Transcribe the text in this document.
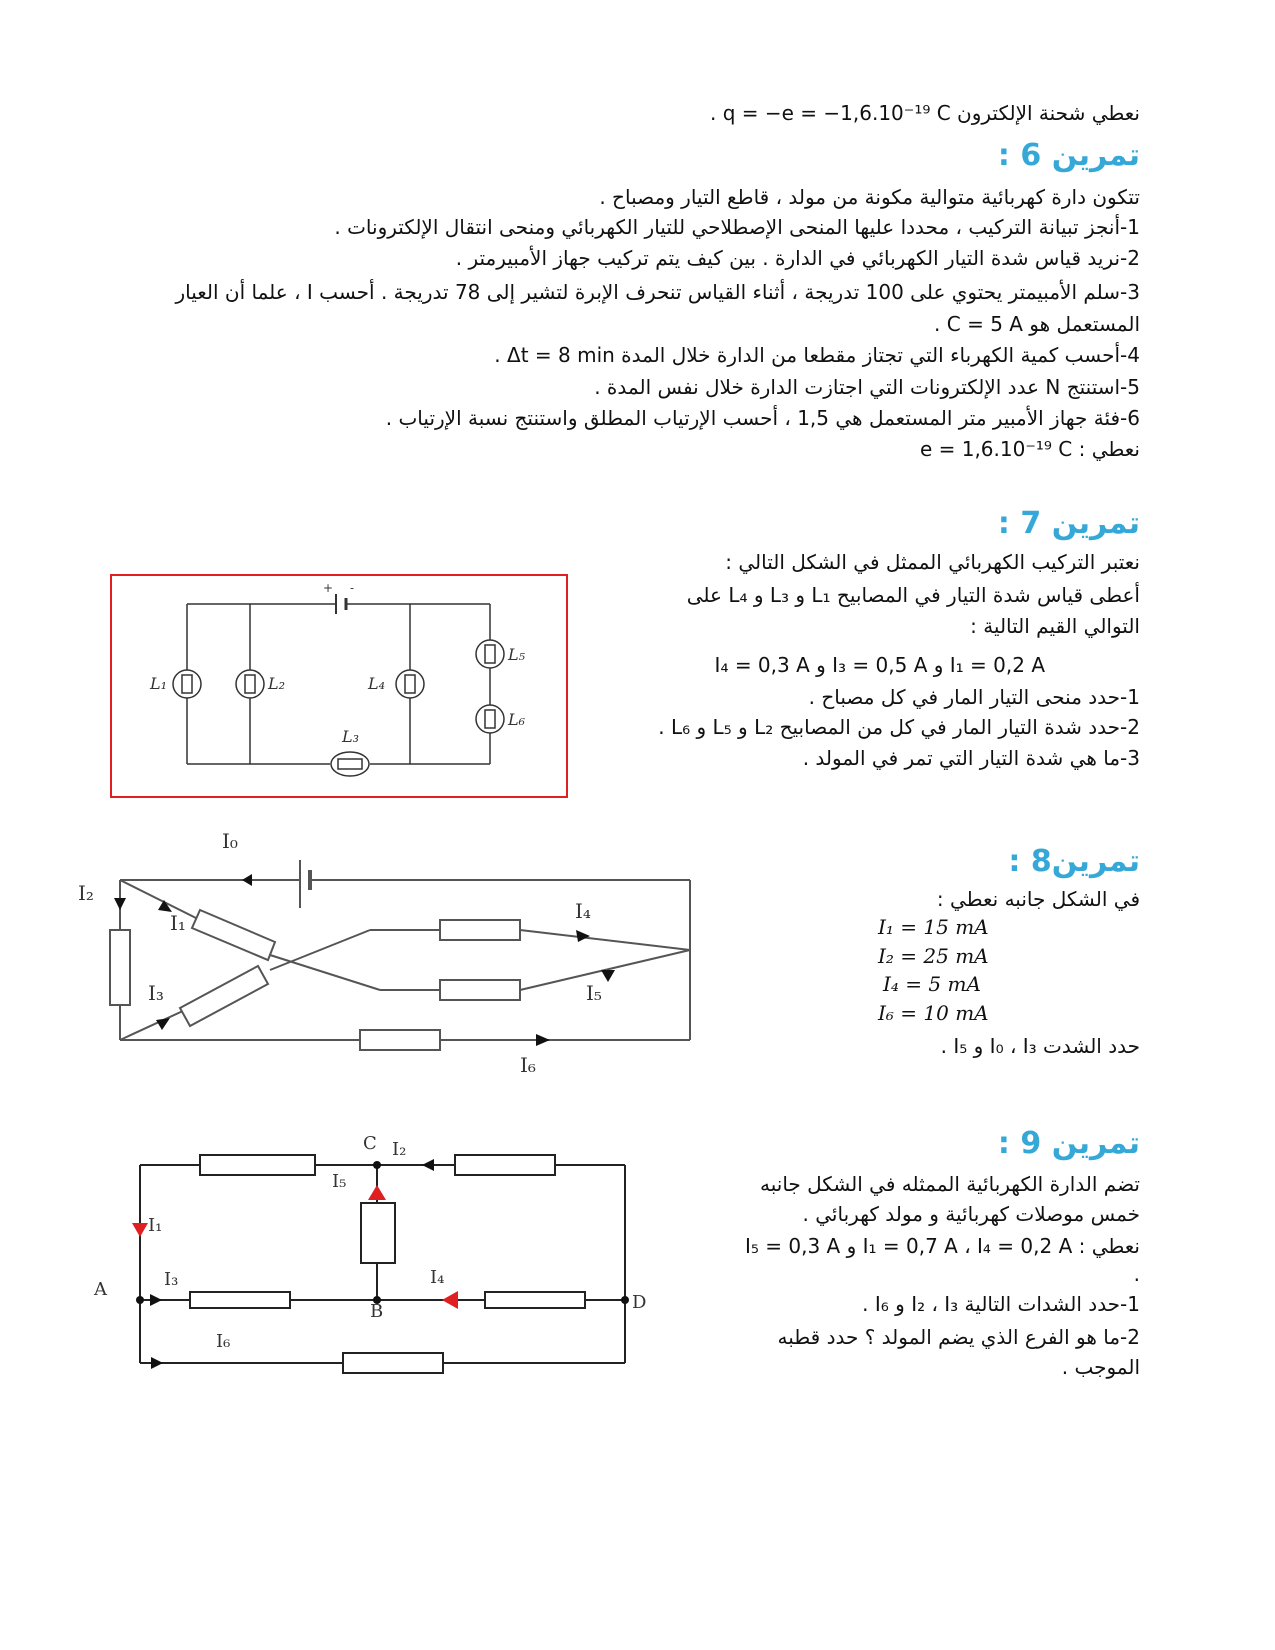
نعطي شحنة الإلكترون q = −e = −1,6.10⁻¹⁹ C .
تمرين 6 :
تتكون دارة كهربائية متوالية مكونة من مولد ، قاطع التيار ومصباح .
1-أنجز تبيانة التركيب ، محددا عليها المنحى الإصطلاحي للتيار الكهربائي ومنحى انتقال الإلكترونات .
2-نريد قياس شدة التيار الكهربائي في الدارة . بين كيف يتم تركيب جهاز الأمبيرمتر .
3-سلم الأمبيمتر يحتوي على 100 تدريجة ، أثناء القياس تنحرف الإبرة لتشير إلى 78 تدريجة . أحسب I ، علما أن العيار
المستعمل هو C = 5 A .
4-أحسب كمية الكهرباء التي تجتاز مقطعا من الدارة خلال المدة Δt = 8 min .
5-استنتج N عدد الإلكترونات التي اجتازت الدارة خلال نفس المدة .
6-فئة جهاز الأمبير متر المستعمل هي 1,5 ، أحسب الإرتياب المطلق واستنتج نسبة الإرتياب .
نعطي : e = 1,6.10⁻¹⁹ C
تمرين 7 :
نعتبر التركيب الكهربائي الممثل في الشكل التالي :
أعطى قياس شدة التيار في المصابيح L₁ و L₃ و L₄ على
التوالي القيم التالية :
I₁ = 0,2 A و I₃ = 0,5 A و I₄ = 0,3 A
1-حدد منحى التيار المار في كل مصباح .
2-حدد شدة التيار المار في كل من المصابيح L₂ و L₅ و L₆ .
3-ما هي شدة التيار التي تمر في المولد .
L₁	L₂
L₃
L₄
L₅
L₆
+ -
تمرين8 :
في الشكل جانبه نعطي :
I₁ = 15 mA
I₂ = 25 mA
I₄ = 5 mA
I₆ = 10 mA
حدد الشدت I₀ ، I₃ و I₅ .
I₀
I₂
I₁
I₃
I₄
I₅
I₆
تمرين 9 :
تضم الدارة الكهربائية الممثله في الشكل جانبه
خمس موصلات كهربائية و مولد كهربائي .
نعطي : I₁ = 0,7 A ، I₄ = 0,2 A و I₅ = 0,3 A
.
1-حدد الشدات التالية I₂ ، I₃ و I₆ .
2-ما هو الفرع الذي يضم المولد ؟ حدد قطبه
الموجب .
C I₂
I₅
I₁
A	I₃	I₄
B	D
I₆
